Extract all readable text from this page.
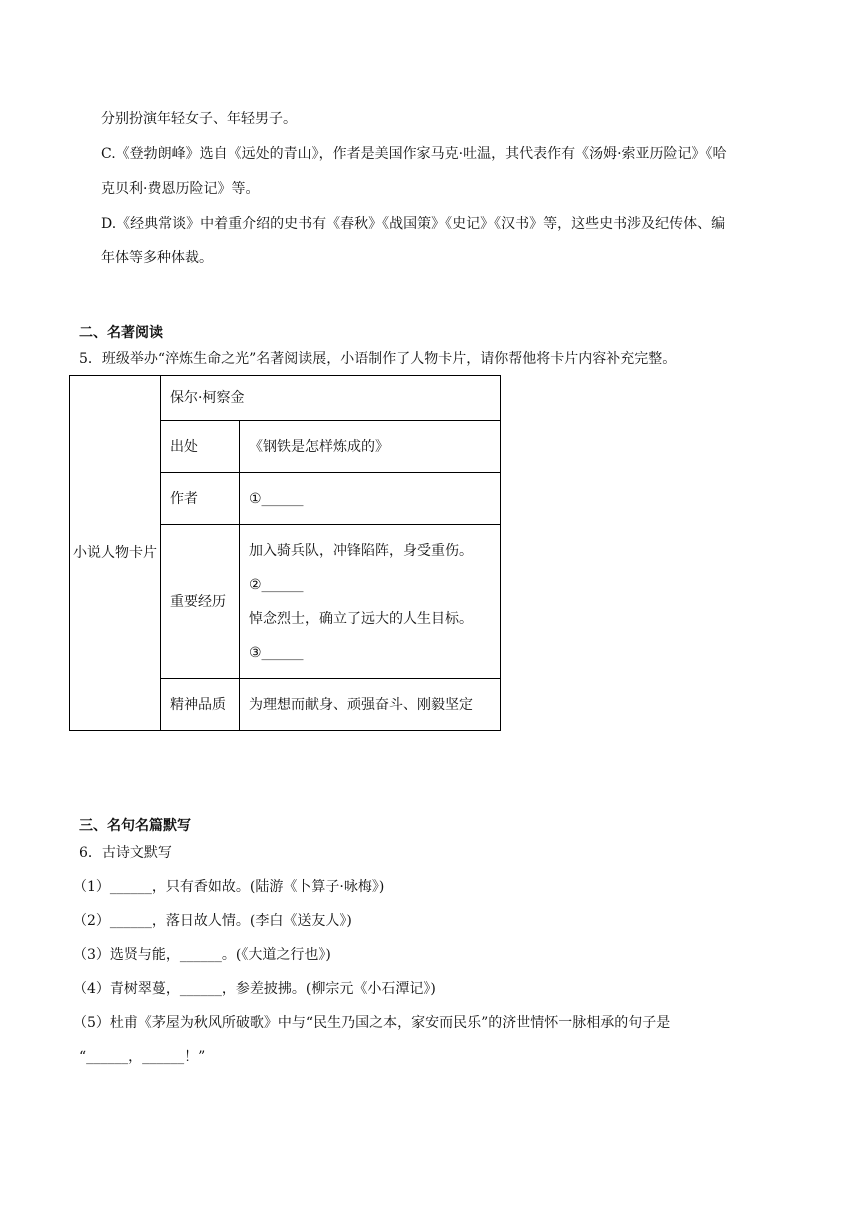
分别扮演年轻女子、年轻男子。
C.《登勃朗峰》选自《远处的青山》，作者是美国作家马克·吐温，其代表作有《汤姆·索亚历险记》《哈
克贝利·费恩历险记》等。
D.《经典常谈》中着重介绍的史书有《春秋》《战国策》《史记》《汉书》等，这些史书涉及纪传体、编
年体等多种体裁。
二、名著阅读
5．班级举办“淬炼生命之光”名著阅读展，小语制作了人物卡片，请你帮他将卡片内容补充完整。
小说人物卡片	保尔·柯察金	
	出处	《钢铁是怎样炼成的》
	作者	①______
	重要经历	加入骑兵队，冲锋陷阵，身受重伤。
②______
悼念烈士，确立了远大的人生目标。
③______

	精神品质	为理想而献身、顽强奋斗、刚毅坚定
三、名句名篇默写
6．古诗文默写
（1）______，只有香如故。(陆游《卜算子·咏梅》)
（2）______，落日故人情。(李白《送友人》)
（3）选贤与能，______。(《大道之行也》)
（4）青树翠蔓，______，参差披拂。(柳宗元《小石潭记》)
（5）杜甫《茅屋为秋风所破歌》中与“民生乃国之本，家安而民乐”的济世情怀一脉相承的句子是
“______，______！”
